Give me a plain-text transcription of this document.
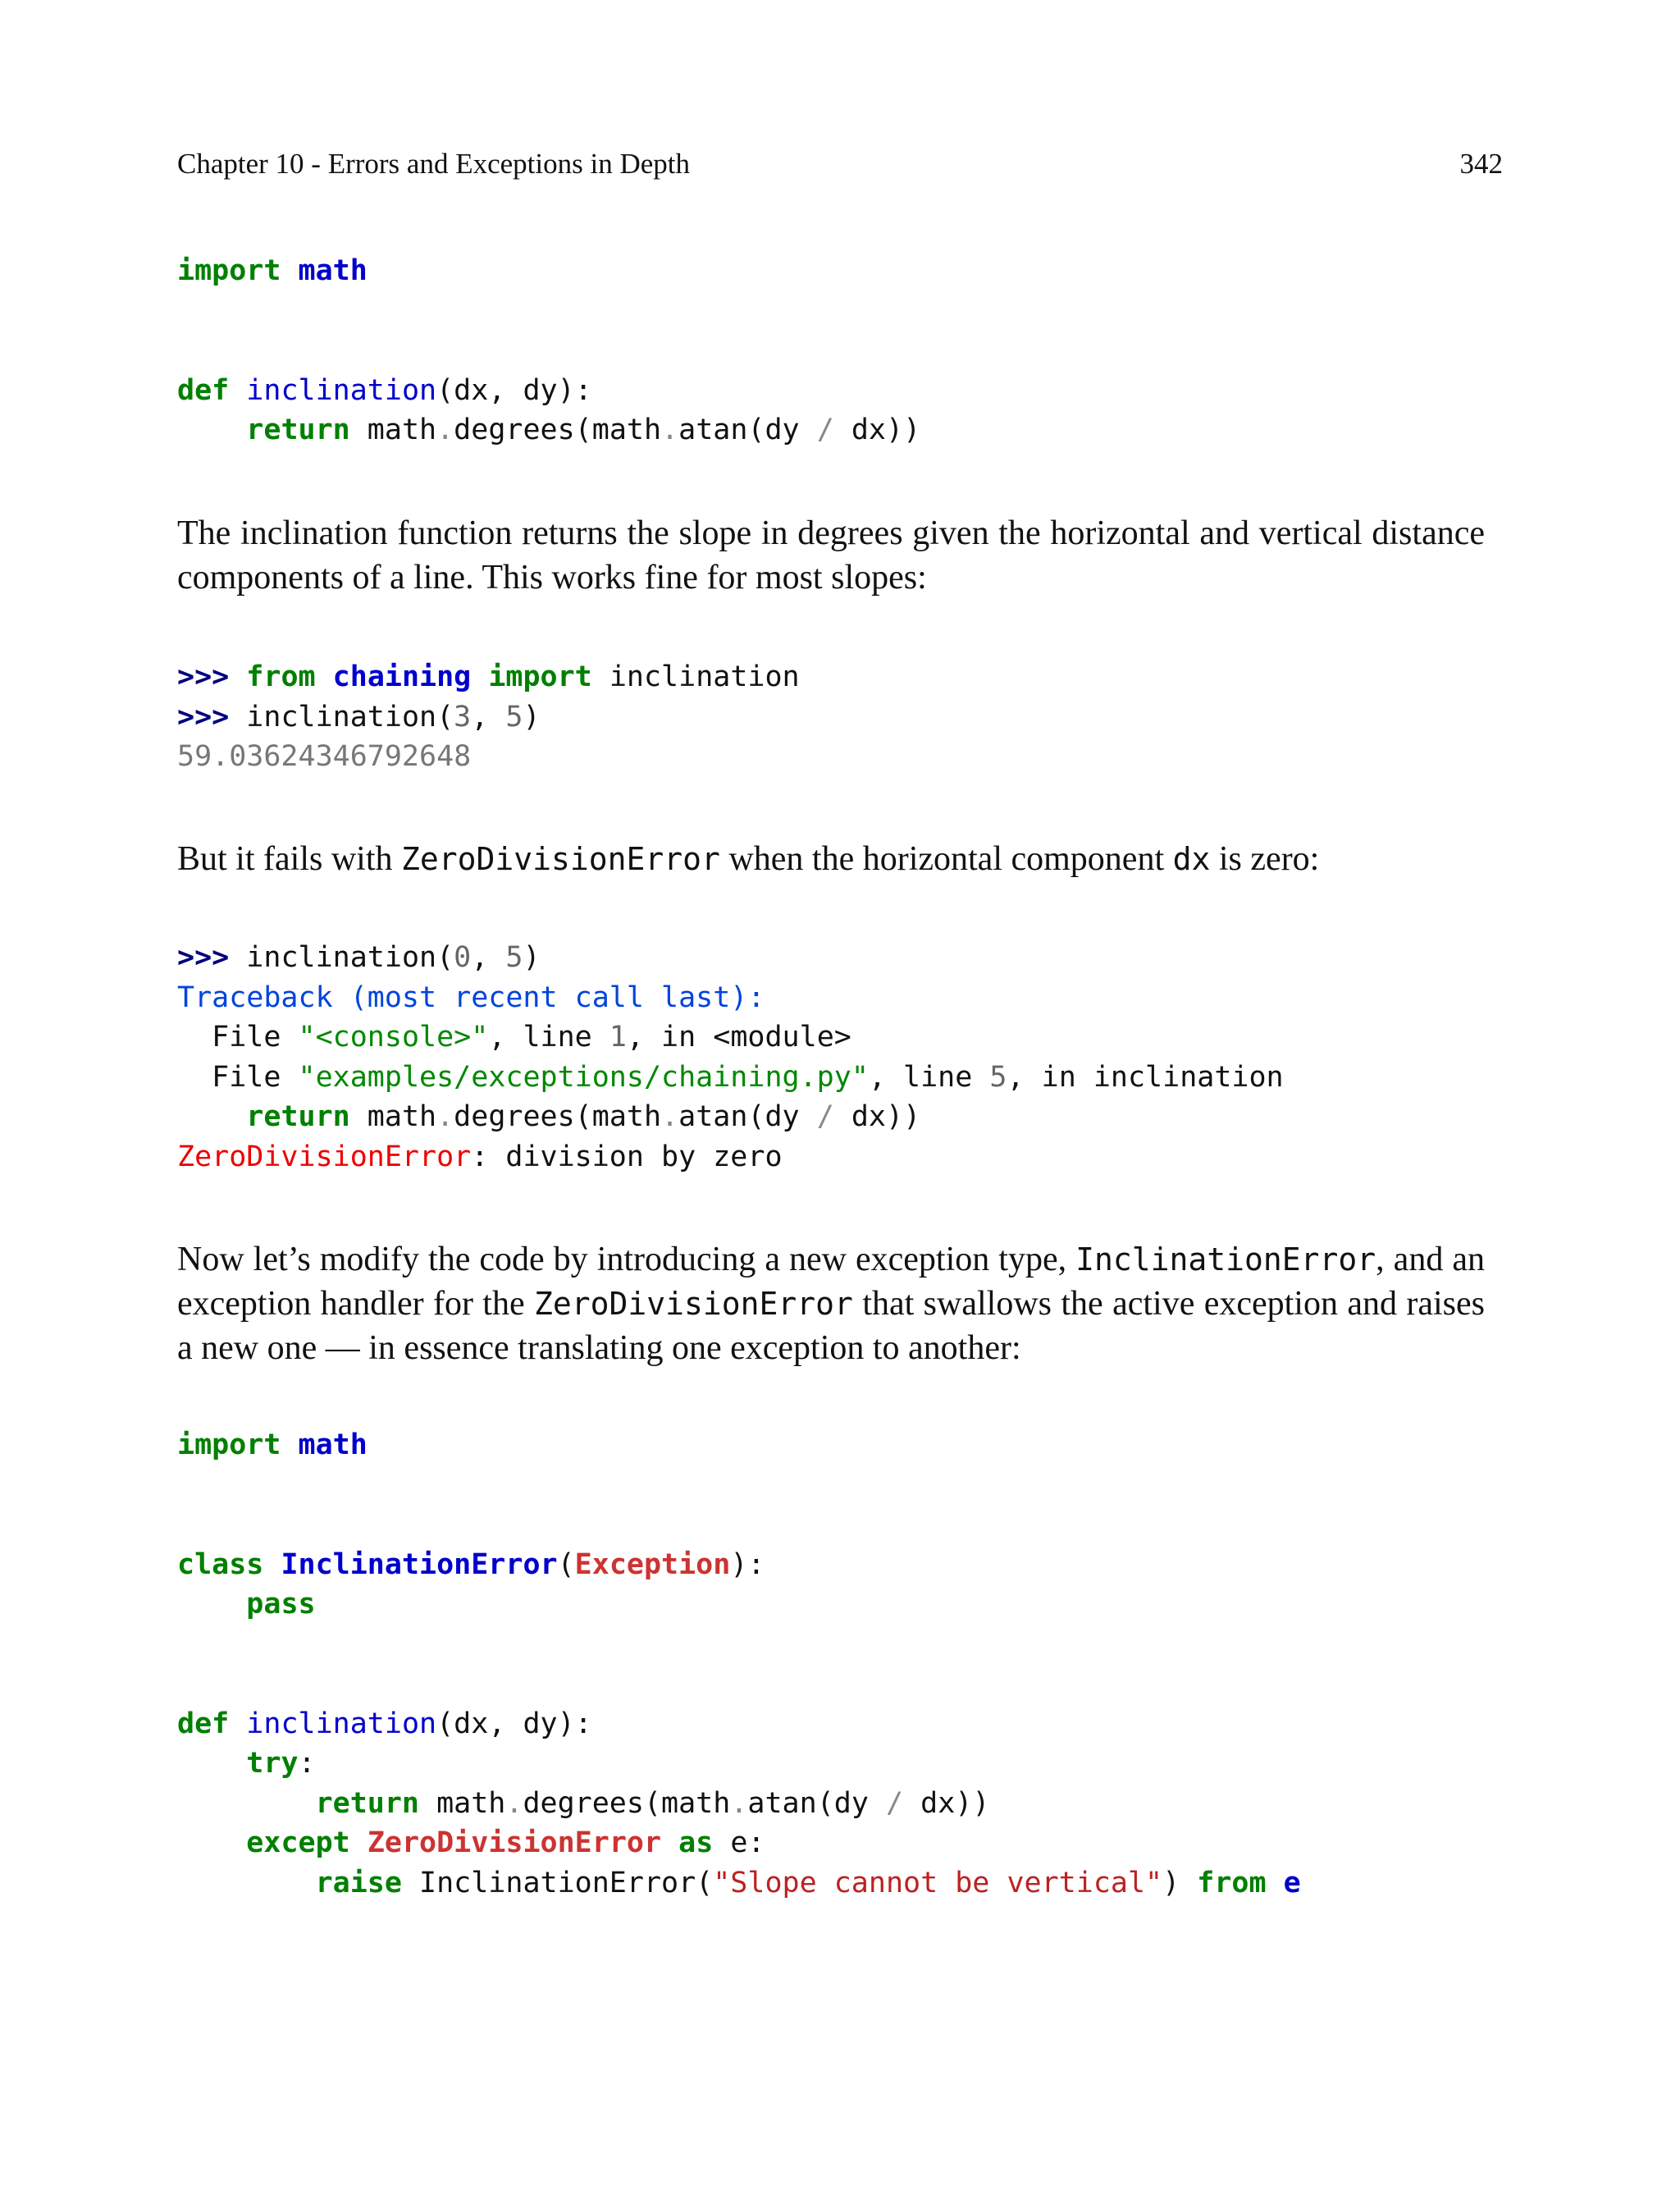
Chapter 10 - Errors and Exceptions in Depth	342
import math
def inclination(dx, dy):
return math.degrees(math.atan(dy / dx))

The inclination function returns the slope in degrees given the horizontal and vertical distance components of a line. This works fine for most slopes:

>>> from chaining import inclination
>>> inclination(3, 5)
59.03624346792648

But it fails with ZeroDivisionError when the horizontal component dx is zero:

>>> inclination(0, 5)
Traceback (most recent call last):
File "<console>", line 1, in <module>
File "examples/exceptions/chaining.py", line 5, in inclination
return math.degrees(math.atan(dy / dx))
ZeroDivisionError: division by zero

Now let’s modify the code by introducing a new exception type, InclinationError, and an exception handler for the ZeroDivisionError that swallows the active exception and raises a new one — in essence translating one exception to another:

import math
class InclinationError(Exception):
pass
def inclination(dx, dy):
try:
return math.degrees(math.atan(dy / dx))
except ZeroDivisionError as e:
raise InclinationError("Slope cannot be vertical") from e
